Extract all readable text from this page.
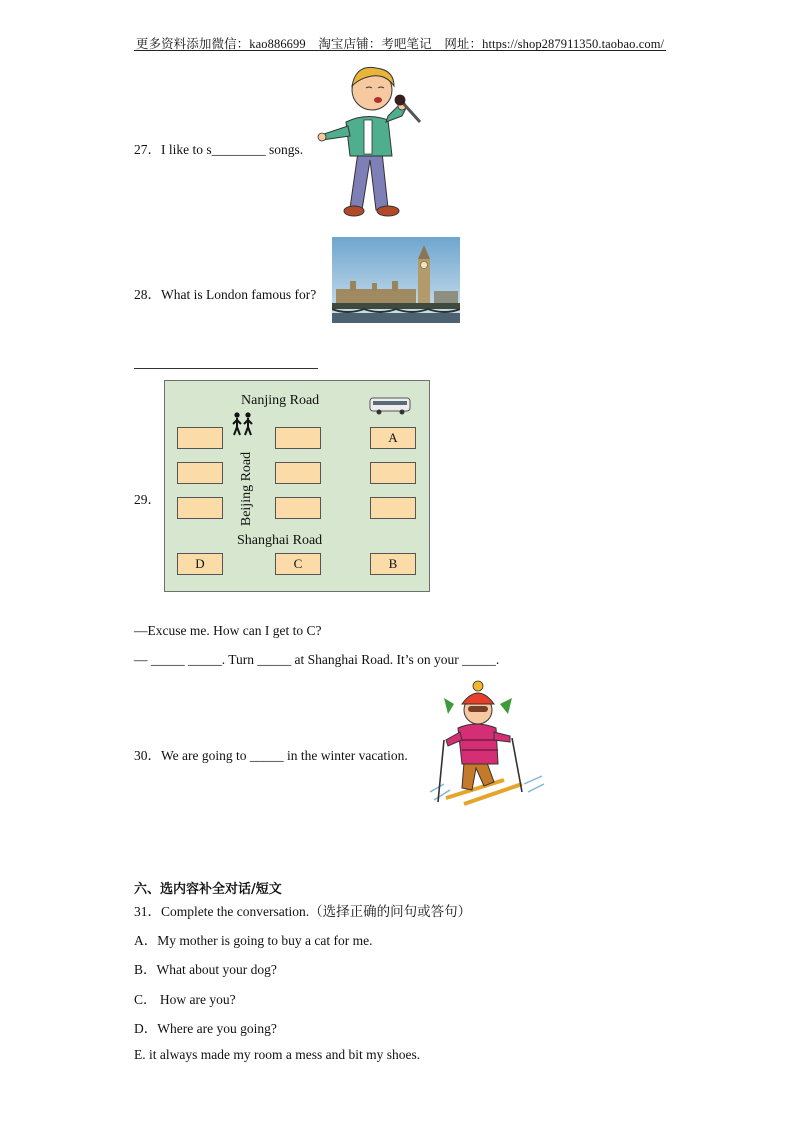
更多资料添加微信：kao886699　淘宝店铺：考吧笔记　网址：https://shop287911350.taobao.com/
27．I like to s________ songs.
28．What is London famous for?
29．
Nanjing Road
Beijing Road
A
Shanghai Road
D	C	B
—Excuse me. How can I get to C?
— _____ _____. Turn _____ at Shanghai Road. It’s on your _____.
30．We are going to _____ in the winter vacation.
六、选内容补全对话/短文
31．Complete the conversation.（选择正确的问句或答句）
A．My mother is going to buy a cat for me.
B．What about your dog?
C． How are you?
D．Where are you going?
E. it always made my room a mess and bit my shoes.
